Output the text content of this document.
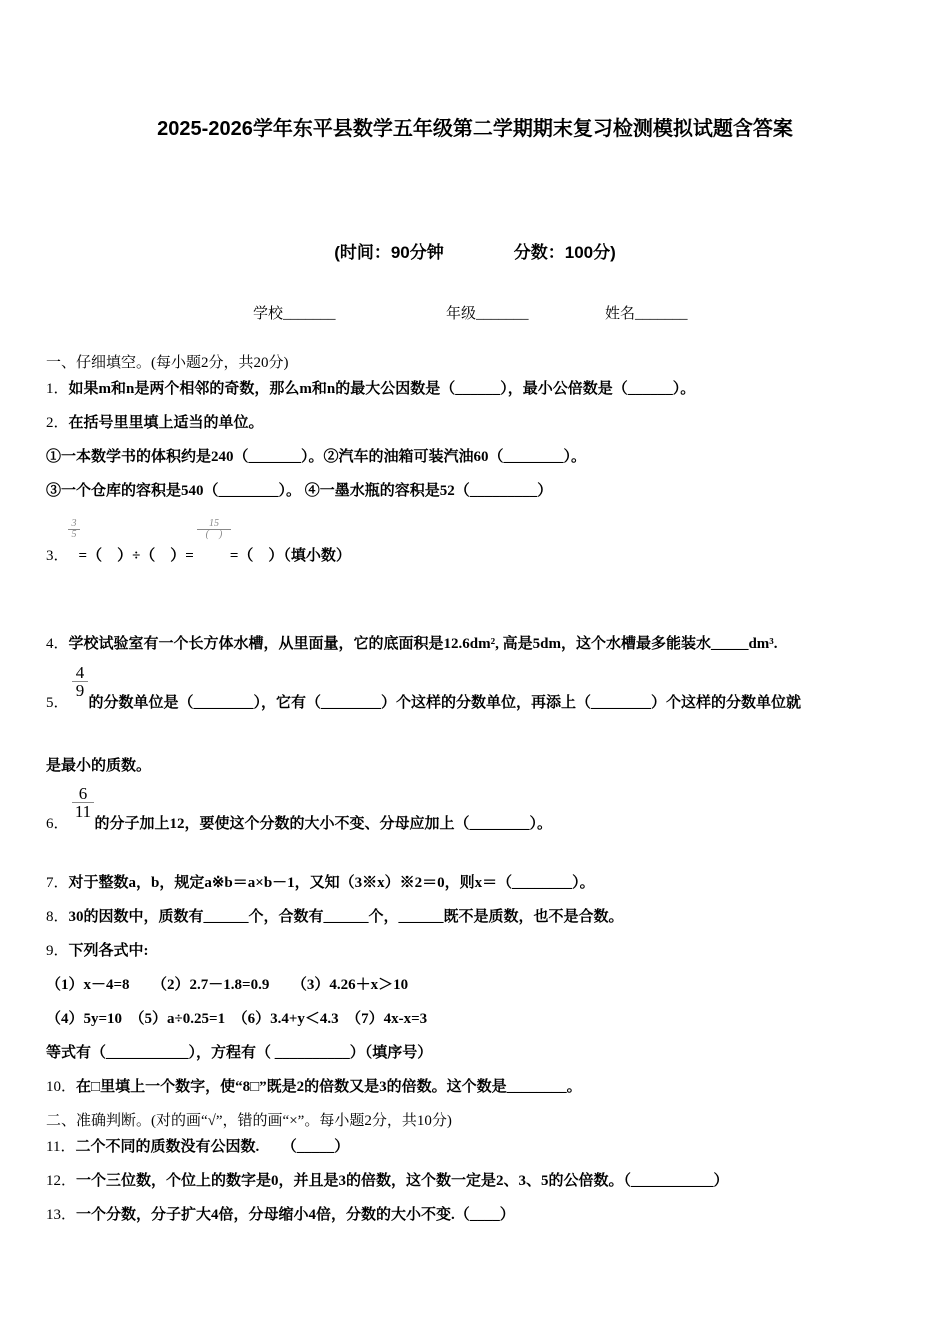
2025-2026学年东平县数学五年级第二学期期末复习检测模拟试题含答案
(时间：90分钟	分数：100分)
学校_______	年级_______	姓名_______
一、仔细填空。(每小题2分，共20分)
1．如果m和n是两个相邻的奇数，那么m和n的最大公因数是（______），最小公倍数是（______）。
2．在括号里里填上适当的单位。
①一本数学书的体积约是240（_______）。②汽车的油箱可装汽油60（________）。
③一个仓库的容积是540（________）。 ④一墨水瓶的容积是52（_________）
3
5
15
(　)
3． =（　）÷（　）= =（　）（填小数）
4．学校试验室有一个长方体水槽，从里面量，它的底面积是12.6dm², 高是5dm，这个水槽最多能装水_____dm³.
4
9
5． 的分数单位是（________），它有（________）个这样的分数单位，再添上（________）个这样的分数单位就
是最小的质数。
6
11
6． 的分子加上12，要使这个分数的大小不变、分母应加上（________）。
7．对于整数a，b，规定a※b＝a×b－1，又知（3※x）※2＝0，则x＝（________）。
8．30的因数中，质数有______个，合数有______个，______既不是质数，也不是合数。
9．下列各式中:
（1）x－4=8　　（2）2.7－1.8=0.9　　（3）4.26＋x＞10
（4）5y=10　（5）a÷0.25=1　（6）3.4+y＜4.3　（7）4x-x=3
等式有（___________），方程有（ __________）（填序号）
10．在□里填上一个数字，使“8□”既是2的倍数又是3的倍数。这个数是________。
二、准确判断。(对的画“√”，错的画“×”。每小题2分，共10分)
11．二个不同的质数没有公因数.　　（_____）
12．一个三位数，个位上的数字是0，并且是3的倍数，这个数一定是2、3、5的公倍数。（___________）
13．一个分数，分子扩大4倍，分母缩小4倍，分数的大小不变.（____）
